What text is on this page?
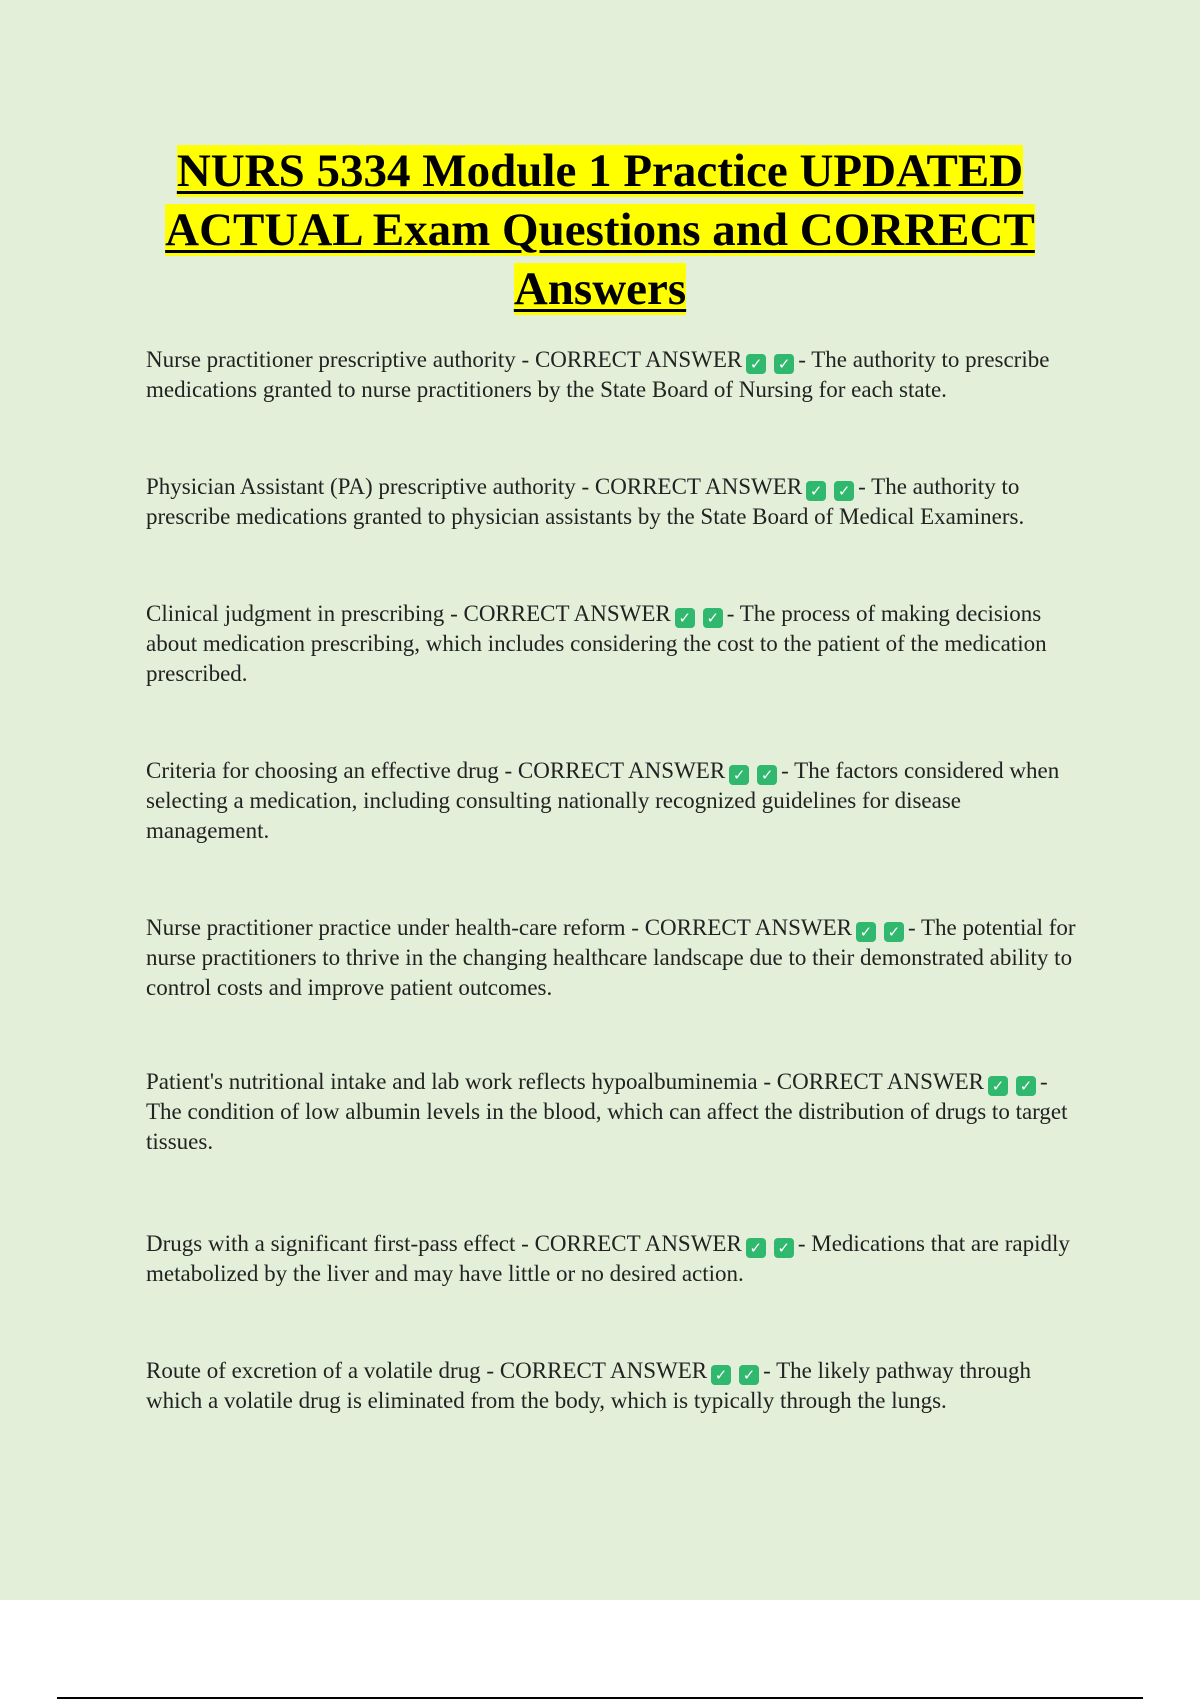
NURS 5334 Module 1 Practice UPDATED ACTUAL Exam Questions and CORRECT Answers

Nurse practitioner prescriptive authority - CORRECT ANSWER ✓ ✓ - The authority to prescribe medications granted to nurse practitioners by the State Board of Nursing for each state.

Physician Assistant (PA) prescriptive authority - CORRECT ANSWER ✓ ✓ - The authority to prescribe medications granted to physician assistants by the State Board of Medical Examiners.

Clinical judgment in prescribing - CORRECT ANSWER ✓ ✓ - The process of making decisions about medication prescribing, which includes considering the cost to the patient of the medication prescribed.

Criteria for choosing an effective drug - CORRECT ANSWER ✓ ✓ - The factors considered when selecting a medication, including consulting nationally recognized guidelines for disease management.

Nurse practitioner practice under health-care reform - CORRECT ANSWER ✓ ✓ - The potential for nurse practitioners to thrive in the changing healthcare landscape due to their demonstrated ability to control costs and improve patient outcomes.

Patient's nutritional intake and lab work reflects hypoalbuminemia - CORRECT ANSWER ✓ ✓ - The condition of low albumin levels in the blood, which can affect the distribution of drugs to target tissues.

Drugs with a significant first-pass effect - CORRECT ANSWER ✓ ✓ - Medications that are rapidly metabolized by the liver and may have little or no desired action.

Route of excretion of a volatile drug - CORRECT ANSWER ✓ ✓ - The likely pathway through which a volatile drug is eliminated from the body, which is typically through the lungs.
